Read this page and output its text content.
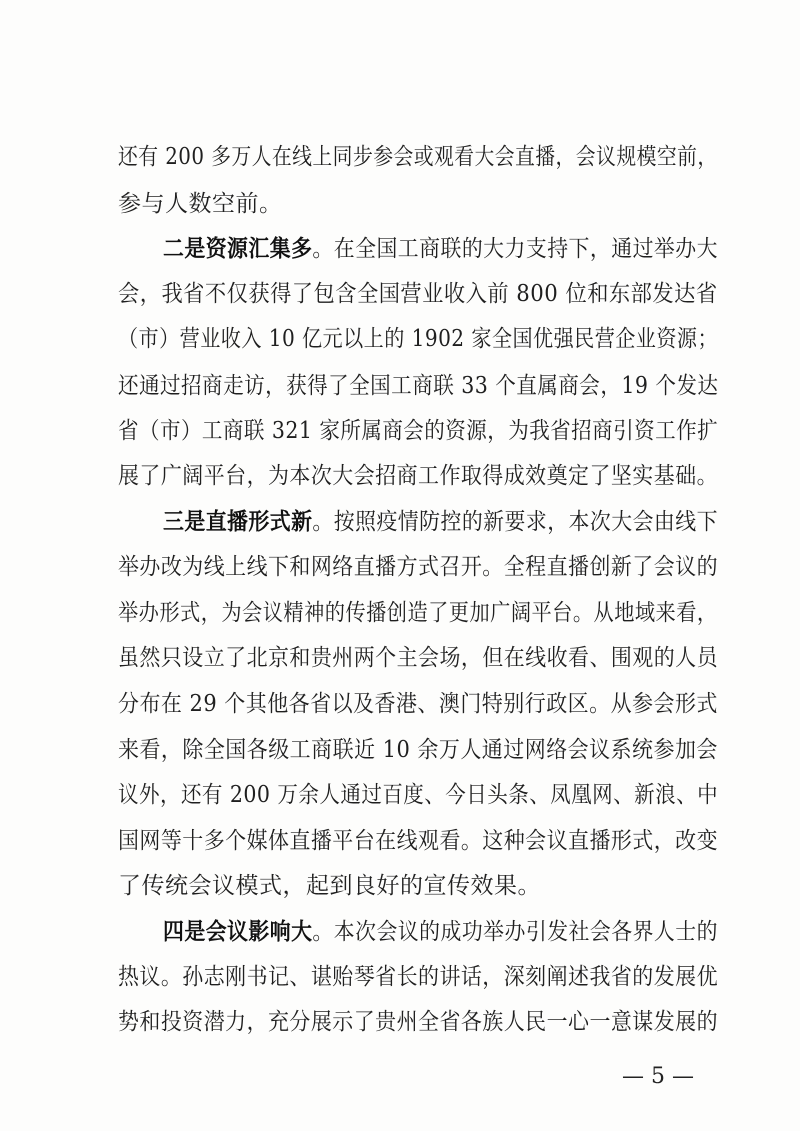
还有 200 多万人在线上同步参会或观看大会直播，会议规模空前，
参与人数空前。
二是资源汇集多。在全国工商联的大力支持下，通过举办大
会，我省不仅获得了包含全国营业收入前 800 位和东部发达省
（市）营业收入 10 亿元以上的 1902 家全国优强民营企业资源；
还通过招商走访，获得了全国工商联 33 个直属商会，19 个发达
省（市）工商联 321 家所属商会的资源，为我省招商引资工作扩
展了广阔平台，为本次大会招商工作取得成效奠定了坚实基础。
三是直播形式新。按照疫情防控的新要求，本次大会由线下
举办改为线上线下和网络直播方式召开。全程直播创新了会议的
举办形式，为会议精神的传播创造了更加广阔平台。从地域来看，
虽然只设立了北京和贵州两个主会场，但在线收看、围观的人员
分布在 29 个其他各省以及香港、澳门特别行政区。从参会形式
来看，除全国各级工商联近 10 余万人通过网络会议系统参加会
议外，还有 200 万余人通过百度、今日头条、凤凰网、新浪、中
国网等十多个媒体直播平台在线观看。这种会议直播形式，改变
了传统会议模式，起到良好的宣传效果。
四是会议影响大。本次会议的成功举办引发社会各界人士的
热议。孙志刚书记、谌贻琴省长的讲话，深刻阐述我省的发展优
势和投资潜力，充分展示了贵州全省各族人民一心一意谋发展的
— 5 —
